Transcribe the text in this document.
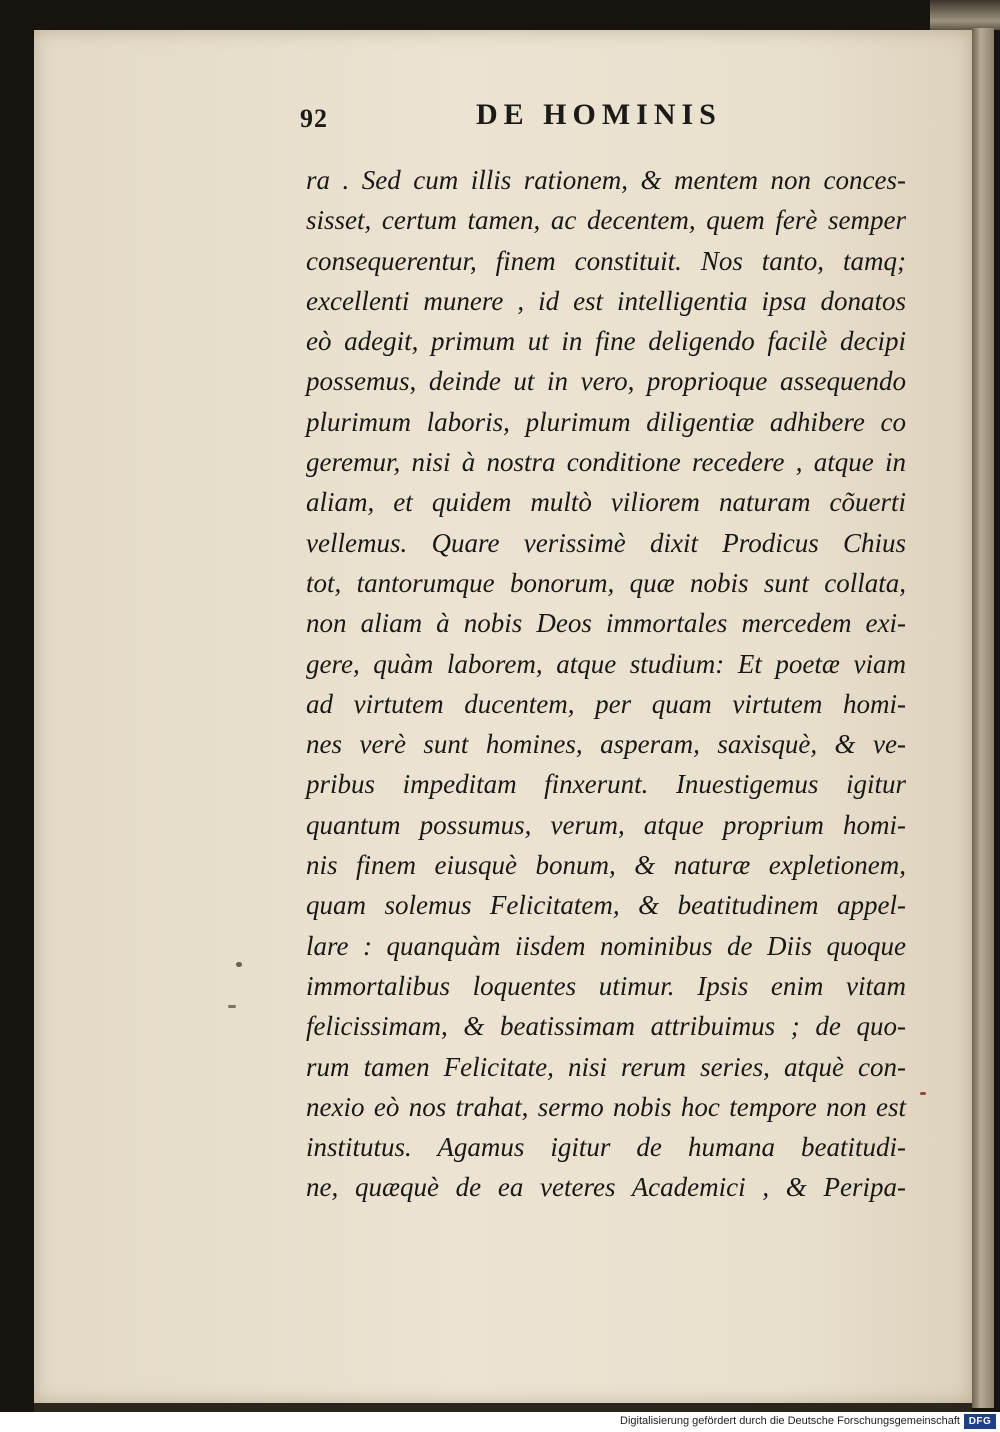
92	DE HOMINIS
ra . Sed cum illis rationem, & mentem non conces-
sisset, certum tamen, ac decentem, quem ferè semper
consequerentur, finem constituit. Nos tanto, tamq;
excellenti munere , id est intelligentia ipsa donatos
eò adegit, primum ut in fine deligendo facilè decipi
possemus, deinde ut in vero, proprioque assequendo
plurimum laboris, plurimum diligentiæ adhibere co
geremur, nisi à nostra conditione recedere , atque in
aliam, et quidem multò viliorem naturam cõuerti
vellemus. Quare verissimè dixit Prodicus Chius
tot, tantorumque bonorum, quæ nobis sunt collata,
non aliam à nobis Deos immortales mercedem exi-
gere, quàm laborem, atque studium: Et poetæ viam
ad virtutem ducentem, per quam virtutem homi-
nes verè sunt homines, asperam, saxisquè, & ve-
pribus impeditam finxerunt. Inuestigemus igitur
quantum possumus, verum, atque proprium homi-
nis finem eiusquè bonum, & naturæ expletionem,
quam solemus Felicitatem, & beatitudinem appel-
lare : quanquàm iisdem nominibus de Diis quoque
immortalibus loquentes utimur. Ipsis enim vitam
felicissimam, & beatissimam attribuimus ; de quo-
rum tamen Felicitate, nisi rerum series, atquè con-
nexio eò nos trahat, sermo nobis hoc tempore non est
institutus. Agamus igitur de humana beatitudi-
ne, quæquè de ea veteres Academici , & Peripa-
Digitalisierung gefördert durch die Deutsche Forschungsgemeinschaft DFG
